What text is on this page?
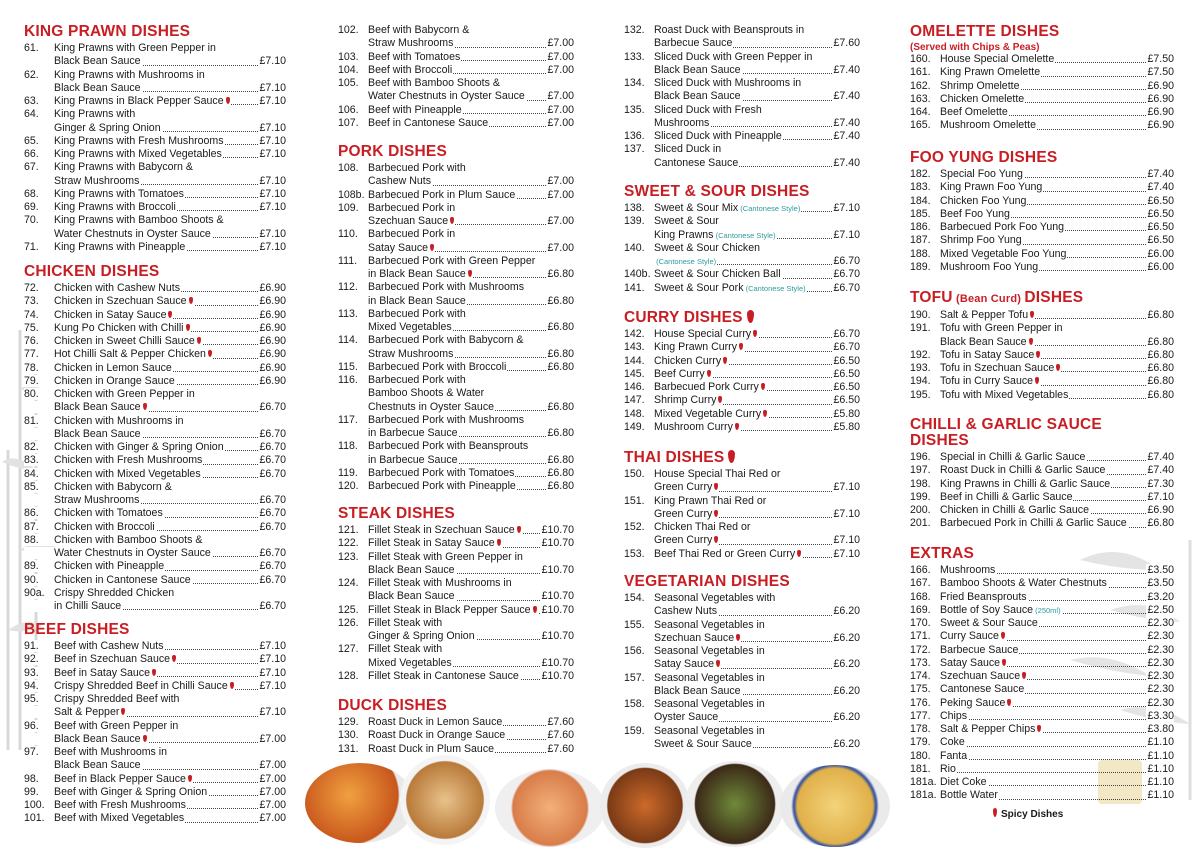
KING PRAWN DISHES
61. King Prawns with Green Pepper in
Black Bean Sauce	£7.10
62. King Prawns with Mushrooms in
Black Bean Sauce	£7.10
63. King Prawns in Black Pepper Sauce	£7.10
64. King Prawns with
Ginger & Spring Onion	£7.10
65. King Prawns with Fresh Mushrooms	£7.10
66. King Prawns with Mixed Vegetables	£7.10
67. King Prawns with Babycorn &
Straw Mushrooms	£7.10
68. King Prawns with Tomatoes	£7.10
69. King Prawns with Broccoli	£7.10
70. King Prawns with Bamboo Shoots &
Water Chestnuts in Oyster Sauce	£7.10
71. King Prawns with Pineapple	£7.10
CHICKEN DISHES
72. Chicken with Cashew Nuts	£6.90
73. Chicken in Szechuan Sauce	£6.90
74. Chicken in Satay Sauce	£6.90
75. Kung Po Chicken with Chilli	£6.90
76. Chicken in Sweet Chilli Sauce	£6.90
77. Hot Chilli Salt & Pepper Chicken	£6.90
78. Chicken in Lemon Sauce	£6.90
79. Chicken in Orange Sauce	£6.90
80. Chicken with Green Pepper in
Black Bean Sauce	£6.70
81. Chicken with Mushrooms in
Black Bean Sauce	£6.70
82. Chicken with Ginger & Spring Onion	£6.70
83. Chicken with Fresh Mushrooms	£6.70
84. Chicken with Mixed Vegetables	£6.70
85. Chicken with Babycorn &
Straw Mushrooms	£6.70
86. Chicken with Tomatoes	£6.70
87. Chicken with Broccoli	£6.70
88. Chicken with Bamboo Shoots &
Water Chestnuts in Oyster Sauce	£6.70
89. Chicken with Pineapple	£6.70
90. Chicken in Cantonese Sauce	£6.70
90a. Crispy Shredded Chicken
in Chilli Sauce	£6.70
BEEF DISHES
91. Beef with Cashew Nuts	£7.10
92. Beef in Szechuan Sauce	£7.10
93. Beef in Satay Sauce	£7.10
94. Crispy Shredded Beef in Chilli Sauce	£7.10
95. Crispy Shredded Beef with
Salt & Pepper	£7.10
96. Beef with Green Pepper in
Black Bean Sauce	£7.00
97. Beef with Mushrooms in
Black Bean Sauce	£7.00
98. Beef in Black Pepper Sauce	£7.00
99. Beef with Ginger & Spring Onion	£7.00
100. Beef with Fresh Mushrooms	£7.00
101. Beef with Mixed Vegetables	£7.00
102. Beef with Babycorn &
Straw Mushrooms	£7.00
103. Beef with Tomatoes	£7.00
104. Beef with Broccoli	£7.00
105. Beef with Bamboo Shoots &
Water Chestnuts in Oyster Sauce £7.00
106. Beef with Pineapple	£7.00
107. Beef in Cantonese Sauce	£7.00
PORK DISHES
108. Barbecued Pork with
Cashew Nuts	£7.00
108b. Barbecued Pork in Plum Sauce	£7.00
109. Barbecued Pork in
Szechuan Sauce	£7.00
110. Barbecued Pork in
Satay Sauce	£7.00
111. Barbecued Pork with Green Pepper
in Black Bean Sauce	£6.80
112. Barbecued Pork with Mushrooms
in Black Bean Sauce	£6.80
113. Barbecued Pork with
Mixed Vegetables	£6.80
114. Barbecued Pork with Babycorn &
Straw Mushrooms	£6.80
115. Barbecued Pork with Broccoli	£6.80
116. Barbecued Pork with
Bamboo Shoots & Water
Chestnuts in Oyster Sauce	£6.80
117. Barbecued Pork with Mushrooms
in Barbecue Sauce	£6.80
118. Barbecued Pork with Beansprouts
in Barbecue Sauce	£6.80
119. Barbecued Pork with Tomatoes	£6.80
120. Barbecued Pork with Pineapple	£6.80
STEAK DISHES
121. Fillet Steak in Szechuan Sauce	£10.70
122. Fillet Steak in Satay Sauce	£10.70
123. Fillet Steak with Green Pepper in
Black Bean Sauce	£10.70
124. Fillet Steak with Mushrooms in
Black Bean Sauce	£10.70
125. Fillet Steak in Black Pepper Sauce £10.70
126. Fillet Steak with
Ginger & Spring Onion	£10.70
127. Fillet Steak with
Mixed Vegetables	£10.70
128. Fillet Steak in Cantonese Sauce £10.70
DUCK DISHES
129. Roast Duck in Lemon Sauce	£7.60
130. Roast Duck in Orange Sauce	£7.60
131. Roast Duck in Plum Sauce	£7.60
132. Roast Duck with Beansprouts in
Barbecue Sauce	£7.60
133. Sliced Duck with Green Pepper in
Black Bean Sauce	£7.40
134. Sliced Duck with Mushrooms in
Black Bean Sauce	£7.40
135. Sliced Duck with Fresh
Mushrooms	£7.40
136. Sliced Duck with Pineapple	£7.40
137. Sliced Duck in
Cantonese Sauce	£7.40
SWEET & SOUR DISHES
138. Sweet & Sour Mix (Cantonese Style)	£7.10
139. Sweet & Sour
King Prawns (Cantonese Style)	£7.10
140. Sweet & Sour Chicken
(Cantonese Style)	£6.70
140b. Sweet & Sour Chicken Ball	£6.70
141. Sweet & Sour Pork (Cantonese Style)	£6.70
CURRY DISHES
142. House Special Curry	£6.70
143. King Prawn Curry	£6.70
144. Chicken Curry	£6.50
145. Beef Curry	£6.50
146. Barbecued Pork Curry	£6.50
147. Shrimp Curry	£6.50
148. Mixed Vegetable Curry	£5.80
149. Mushroom Curry	£5.80
THAI DISHES
150. House Special Thai Red or
Green Curry	£7.10
151. King Prawn Thai Red or
Green Curry	£7.10
152. Chicken Thai Red or
Green Curry	£7.10
153. Beef Thai Red or Green Curry	£7.10
VEGETARIAN DISHES
154. Seasonal Vegetables with
Cashew Nuts	£6.20
155. Seasonal Vegetables in
Szechuan Sauce	£6.20
156. Seasonal Vegetables in
Satay Sauce	£6.20
157. Seasonal Vegetables in
Black Bean Sauce	£6.20
158. Seasonal Vegetables in
Oyster Sauce	£6.20
159. Seasonal Vegetables in
Sweet & Sour Sauce	£6.20
OMELETTE DISHES
(Served with Chips & Peas)
160. House Special Omelette	£7.50
161. King Prawn Omelette	£7.50
162. Shrimp Omelette	£6.90
163. Chicken Omelette	£6.90
164. Beef Omelette	£6.90
165. Mushroom Omelette	£6.90
FOO YUNG DISHES
182. Special Foo Yung	£7.40
183. King Prawn Foo Yung	£7.40
184. Chicken Foo Yung	£6.50
185. Beef Foo Yung	£6.50
186. Barbecued Pork Foo Yung	£6.50
187. Shrimp Foo Yung	£6.50
188. Mixed Vegetable Foo Yung	£6.00
189. Mushroom Foo Yung	£6.00
TOFU (Bean Curd) DISHES
190. Salt & Pepper Tofu	£6.80
191. Tofu with Green Pepper in
Black Bean Sauce	£6.80
192. Tofu in Satay Sauce	£6.80
193. Tofu in Szechuan Sauce	£6.80
194. Tofu in Curry Sauce	£6.80
195. Tofu with Mixed Vegetables	£6.80
CHILLI & GARLIC SAUCE
DISHES
196. Special in Chilli & Garlic Sauce	£7.40
197. Roast Duck in Chilli & Garlic Sauce	£7.40
198. King Prawns in Chilli & Garlic Sauce	£7.30
199. Beef in Chilli & Garlic Sauce	£7.10
200. Chicken in Chilli & Garlic Sauce	£6.90
201. Barbecued Pork in Chilli & Garlic Sauce £6.80
EXTRAS
166. Mushrooms	£3.50
167. Bamboo Shoots & Water Chestnuts	£3.50
168. Fried Beansprouts	£3.20
169. Bottle of Soy Sauce (250ml)	£2.50
170. Sweet & Sour Sauce	£2.30
171. Curry Sauce	£2.30
172. Barbecue Sauce	£2.30
173. Satay Sauce	£2.30
174. Szechuan Sauce	£2.30
175. Cantonese Sauce	£2.30
176. Peking Sauce	£2.30
177. Chips	£3.30
178. Salt & Pepper Chips	£3.80
179. Coke	£1.10
180. Fanta	£1.10
181. Rio	£1.10
181a. Diet Coke	£1.10
181a. Bottle Water	£1.10
Spicy Dishes
